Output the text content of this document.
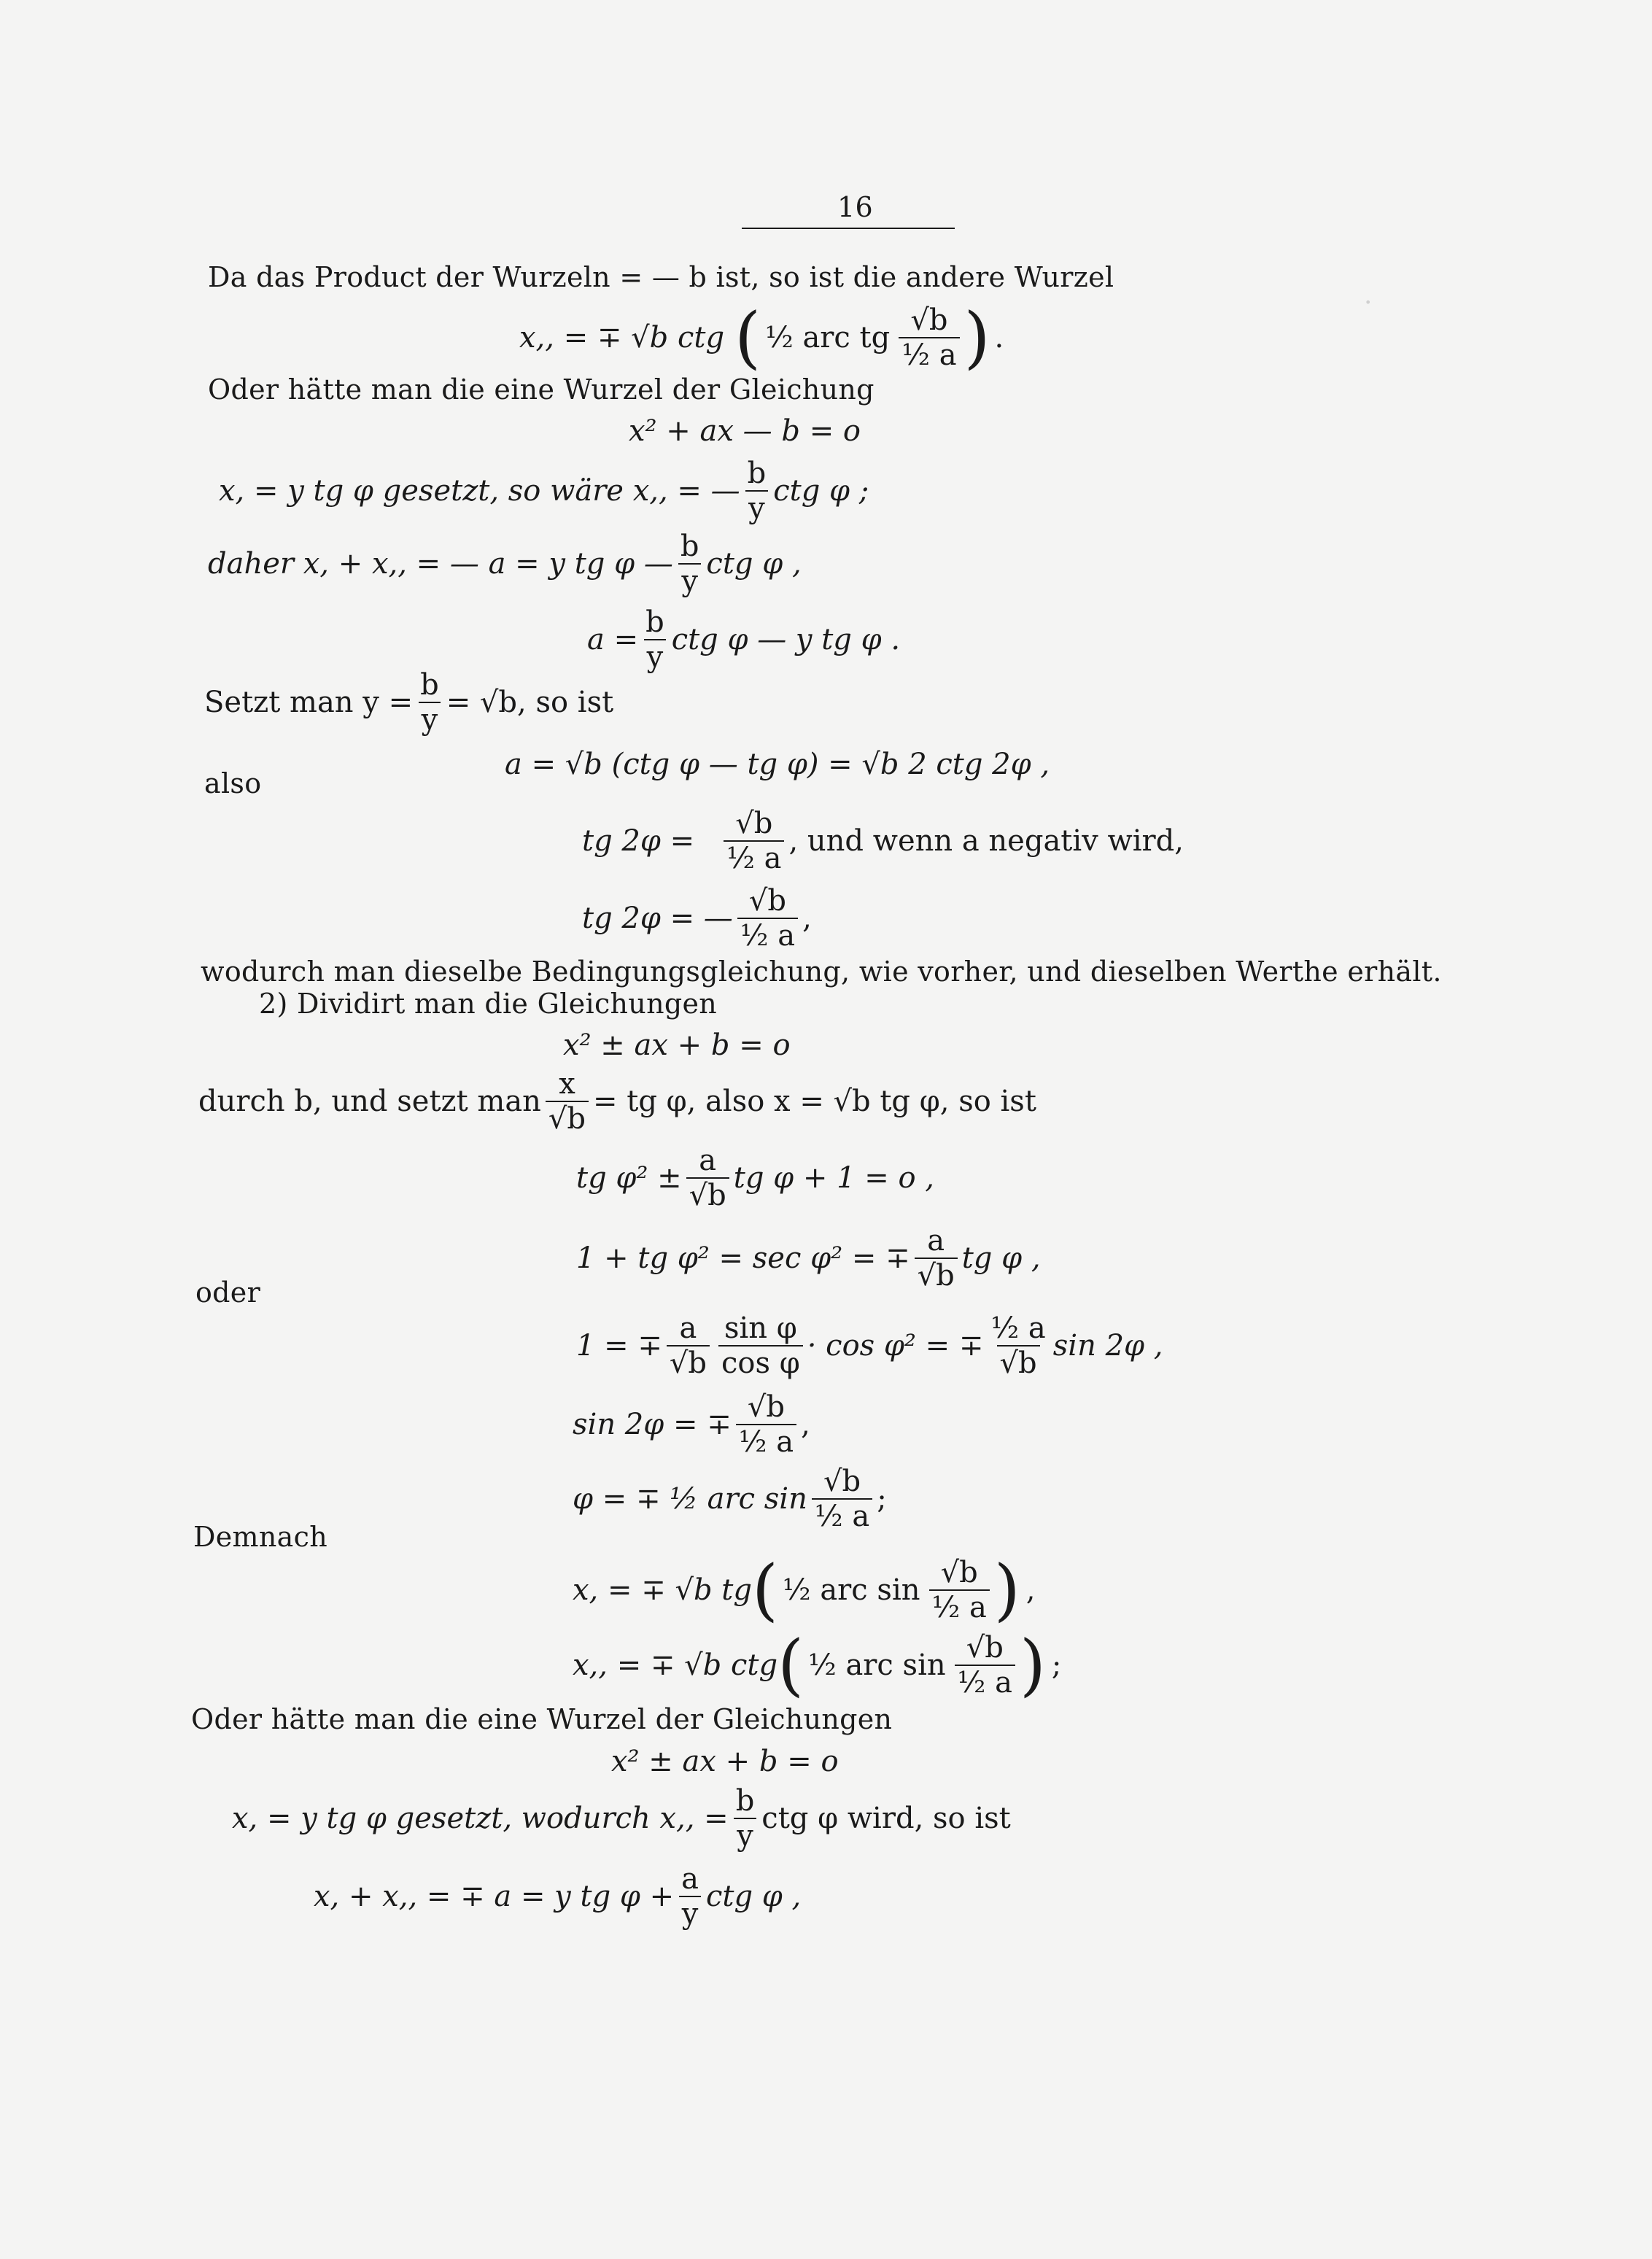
·
16
Da das Product der Wurzeln = — b ist, so ist die andere Wurzel
x,, = ∓ √b ctg ( ½ arc tg $\frac{√b}{\text{½ a}}$ ) .
Oder hätte man die eine Wurzel der Gleichung
x² + ax — b = o
x, = y tg φ gesetzt, so wäre x,, = — $\frac{b}{y}$ ctg φ ;
daher x, + x,, = — a = y tg φ — $\frac{b}{y}$ ctg φ ,
$a = \frac{b}{y}$ ctg φ — y tg φ .
Setzt man $y = \frac{b}{y} = √b$, so ist
a = √b (ctg φ — tg φ) = √b 2 ctg 2φ ,
also
tg $2\varphi = \frac{√b}{\text{½ a}}$ , und wenn a negativ wird,
tg 2φ = — $\frac{√b}{\text{½ a}}$ ,
wodurch man dieselbe Bedingungsgleichung, wie vorher, und dieselben Werthe erhält.
2) Dividirt man die Gleichungen
x² ± ax + b = o
durch b, und setzt man $\frac{x}{√b}$ = tg φ, also x = √b tg φ, so ist
tg $\varphi^2 \pm \frac{a}{√b}$ tg φ + 1 = o ,
1 + tg φ² = sec φ² = ∓ $\frac{a}{√b}$ tg φ ,
oder
1 = ∓ $\frac{a}{√b} \frac{\text{sin φ}}{\text{cos φ}} \cdot \cos \varphi^2$ = ∓ $\frac{\text{½ a}}{√b}$ sin 2φ ,
sin 2φ = ∓ $\frac{√b}{\text{½ a}}$ ,
φ = ∓ ½ arc $\sin \frac{√b}{\text{½ a}}$ ;
Demnach
x, = ∓ √b tg ( ½ arc $\sin \frac{√b}{\text{½ a}}$ ) ,
x,, = ∓ √b ctg ( ½ arc $\sin \frac{√b}{\text{½ a}}$ ) ;
Oder hätte man die eine Wurzel der Gleichungen
x² ± ax + b = o
x, = y tg φ gesetzt, wodurch x,, = $\frac{b}{y}$ ctg φ wird, so ist
x, + x,, = ∓ a = y tg $\varphi + \frac{a}{y}$ ctg φ ,
